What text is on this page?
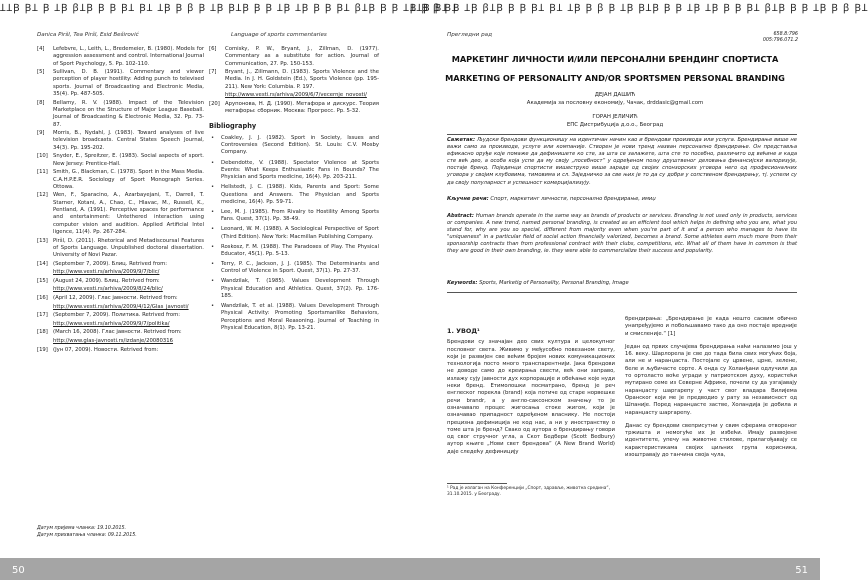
ꞱꞱꞴ ꞴꞱ Ꞵ ꞱꞴ ꞵꞱꞴ Ꞵ Ꞵ ꞴꞱ ꞴꞱ ꞱꞴ Ꞵ ꞵ Ꞵ ꞱꞴ ꞴꞱꞴ Ꞵ Ꞵ ꞱꞴ ꞱꞴ Ꞵ Ꞵ ꞴꞱ ꞵꞱꞴ Ꞵ Ꞵ ꞱꞴ Ꞵ ꞵ ꞴꞱ
Danica Piršl, Tea Piršl, Esid Beširović	Language of sports commentaries
[4] Lefebvre, L., Leith, L., Bredemeier, B. (1980). Models for aggression assessment and control. International Journal of Sport Psychology, 5. Pp. 102-110.
[5] Sullivan, D. B. (1991). Commentary and viewer perception of player hostility: Adding punch to televised sports. Journal of Broadcasting and Electronic Media, 35(4). Pp. 487-505.
[8] Bellamy, R. V. (1988). Impact of the Television Marketplace on the Structure of Major League Baseball. Journal of Broadcasting & Electronic Media, 32. Pp. 73-87.
[9] Morris, B., Nydahl, J. (1983). Toward analyses of live television broadcasts. Central States Speech Journal, 34(3). Pp. 195-202.
[10] Snyder, E., Spreitzer, E. (1983). Social aspects of sport. New Jersey: Prentice-Hall.
[11] Smith, G., Blackman, C. (1978). Sport in the Mass Media. C.A.H.P.E.R. Sociology of Sport Monograph Series. Ottowa.
[12] Wen, F., Sparacino, A., Azarbayejani, T., Darrell, T. Starner, Kotani, A., Chao, C., Hlavac, M., Russell, K., Pentland, A. (1991). Perceptive spaces for performance and entertainment: Untethered interaction using computer vision and audition. Applied Artificial Intel ligence, 11(4). Pp. 267-284.
[13] Piršl, D. (2011). Rhetorical and Metadiscoursal Features of Sports Language. Unpublished doctoral dissertation. University of Novi Pazar.
[14] (September 7, 2009). Блиц. Retrived from:
http://www.vesti.rs/arhiva/2009/9/7/blic/
[15] (August 24, 2009). Блиц. Retrived from:
http://www.vesti.rs/arhiva/2009/8/24/blic/
[16] (April 12, 2009). Глас јавности. Retrived from:
http://www.vesti.rs/arhiva/2009/4/12/Glas_javnosti/
[17] (September 7, 2009). Политика. Retrived from:
http://www.vesti.rs/arhiva/2009/9/7/politika/
[18] (March 16, 2008). Глас јавности. Retrived from:
http://www.glas-javnosti.rs/izdanje/20080316
[19] (Јун 07, 2009). Новости. Retrived from:
[6] Comisky, P. W., Bryant, J., Zillman, D. (1977). Commentary as a substitute for action. Journal of Communication, 27. Pp. 150-153.
[7] Bryant, J., Zillmann, D. (1983). Sports Violence and the Media. In J. H. Goldstein (Ed.), Sports Violence (pp. 195-211). New York: Columbia. P. 197.
http://www.vesti.rs/arhiva/2009/6/7/vecernje_novosti/
[20] Арупонова, Н. Д. (1990). Метафора и дискурс. Теория метафоры: сборник. Москва: Прогресс. Pp. 5-32.
Bibliography
• Coakley, J. J. (1982). Sport in Society, Issues and Controversies (Second Edition). St. Louis: C.V. Mosby Company.
• Debendotte, V. (1988). Spectator Violence at Sports Events: What Keeps Enthusiastic Fans in Bounds? The Physician and Sports medicine, 16(4). Pp. 203-211.
• Hellstedt, J. C. (1988). Kids, Parents and Sport: Some Questions and Answers. The Physician and Sports medicine, 16(4). Pp. 59-71.
• Lee, M. J. (1985). From Rivalry to Hostility Among Sports Fans. Quest, 37(1). Pp. 38-49.
• Leonard, W. M. (1988). A Sociological Perspective of Sport (Third Edition). New York: Macmillan Publishing Company.
• Roskosz, F. M. (1988). The Paradoxes of Play. The Physical Educator, 45(1). Pp. 5-13.
• Terry, P. C., Jackson, J. J. (1985). The Determinants and Control of Violence in Sport. Quest, 37(1). Pp. 27-37.
• Wandzilak, T. (1985). Values Development Through Physical Education and Athletics. Quest, 37(2). Pp. 176-185.
• Wandzilak, T. et al. (1988). Values Development Through Physical Activity: Promoting Sportsmanlike Behaviors, Perceptions and Moral Reasoning. Journal of Teaching in Physical Education, 8(1). Pp. 13-21.
Датум пријема чланка: 19.10.2015.
Датум прихватања чланка: 09.11.2015.
50
ꞱꞱꞴ ꞴꞱ Ꞵ ꞱꞴ ꞵꞱꞴ Ꞵ Ꞵ ꞴꞱ ꞴꞱ ꞱꞴ Ꞵ ꞵ Ꞵ ꞱꞴ ꞴꞱꞴ Ꞵ Ꞵ ꞱꞴ ꞱꞴ Ꞵ Ꞵ ꞴꞱ ꞵꞱꞴ Ꞵ Ꞵ ꞱꞴ Ꞵ ꞵ ꞴꞱ
Прегледни рад	658.8:796
005:796.071.2
МАРКЕТИНГ ЛИЧНОСТИ И/ИЛИ ПЕРСОНАЛНИ БРЕНДИНГ СПОРТИСТА
MARKETING OF PERSONALITY AND/OR SPORTSMEN PERSONAL BRANDING
ДЕЈАН ДАШИЋ
Академија за пословну економију, Чачак, drddasic@gmail.com
ГОРАН ЈЕЛИЧИЋ
ЕПС Дистрибуција д.о.о., Београд
Сажетак: Људски брендови функционишу на идентичан начин као и брендови производа или услуга. Брендирање више не важи само за производе, услуге или компаније. Створен је нови тренд назван персонално брендирање. Он представља ефикасно оруђе које помаже да дефинишете ко сте, за шта се залажете, шта сте то посебно, различито од већине и када сте већ део, а особа која успе да му своју „посебност“ у одређеном пољу друштвеног деловања финансијски валоризује, постаје бренд. Појединци спортисти вишеструко више зараде од својих спонзорских уговора него од професионалних уговора у својим клубовима, тимовима и сл. Заједничко за све њих је то да су добри у сопственом брендирању, тј. успели су да своју популарност и успешност комерцијализују.
Кључне речи: Спорт, маркетинг личности, персонално брендирање, имиџ
Abstract: Human brands operate in the same way as brands of products or services. Branding is not used only in products, services or companies. A new trend, named personal branding, is created as an efficient tool which helps in defining who you are, what you stand for, why are you so special, different from majority even when you're part of it and a person who manages to have its "uniqueness" in a particular field of social action financially valorized, becomes a brand. Some athletes earn much more from their sponsorship contracts than from professional contract with their clubs, competitions, etc. What all of them have in common is that they are good in their own branding, ie. they were able to commercialize their success and popularity.
Keywords: Sports, Marketig of Personality, Personal Branding, Image
1. УВОД¹
Брендови су значајан део свих култура и целокупног пословног света. Живимо у међусобно повезаном свету, који је развијен све већим бројем нових комуникационих технологија посто много транспарентнији. Јака брендови не доводе само до креирања свести, већ они заправо, излажу сују јавности дух корпорације и обећање које нуди неки бренд. Етимолошки посматрано, бренд је реч енглеског порекла (brand) која потиче од старе норвешке речи brandr, а у англо-саксонском значењу то је означавало процес жигосања стоке жигом, који је означавао припадност одређеном власнику. Не постоји прецизна дефиниција не код нас, а ни у иностранству о томе шта је бренд? Свако од аутора о брендирању говори од свог стручног угла, а Скот Бедбери (Scott Bedbury) аутор књиге „Нови свет брендова“ (A New Brand World) даје следећу дефиницију
¹ Рад је излаган на Конференцији „Спорт, здравље, животна средина“, 31.10.2015. у Београду.
брендирања: „Брендирање је када нешто сасвим обично унапређујемо и побољшавамо тако да оно постаје вредније и смисленије.“ [1]
Један од првих случајева брендирања наћи налазимо још у 16. веку. Шарлорела је све до тада била свих могућих боја, али не и наранџаста. Постојале су црвене, црне, зелене, беле и љубичасте сорте. А онда су Холанђани одлучили да то ортоласто воће угради у патриотском духу, користећи мутирано семе из Северне Африке, почели су да узгајавају наранџасту шаргарепу у част свог владара Вилијема Оранског који ме је предводио у рату за независност од Шпаније. Поред наранџасте застве, Холандија је добила и наранџасту шаргарепу.
Данас су брендови свеприсутни у свим сферама отвореног тржишта и немогуће их је избећи. Имају развојене идентитете, упечу на животне стилове, прилагођавају се карактеристикама својих циљних група корисника, изоштравају до танчина своја чула,
51
